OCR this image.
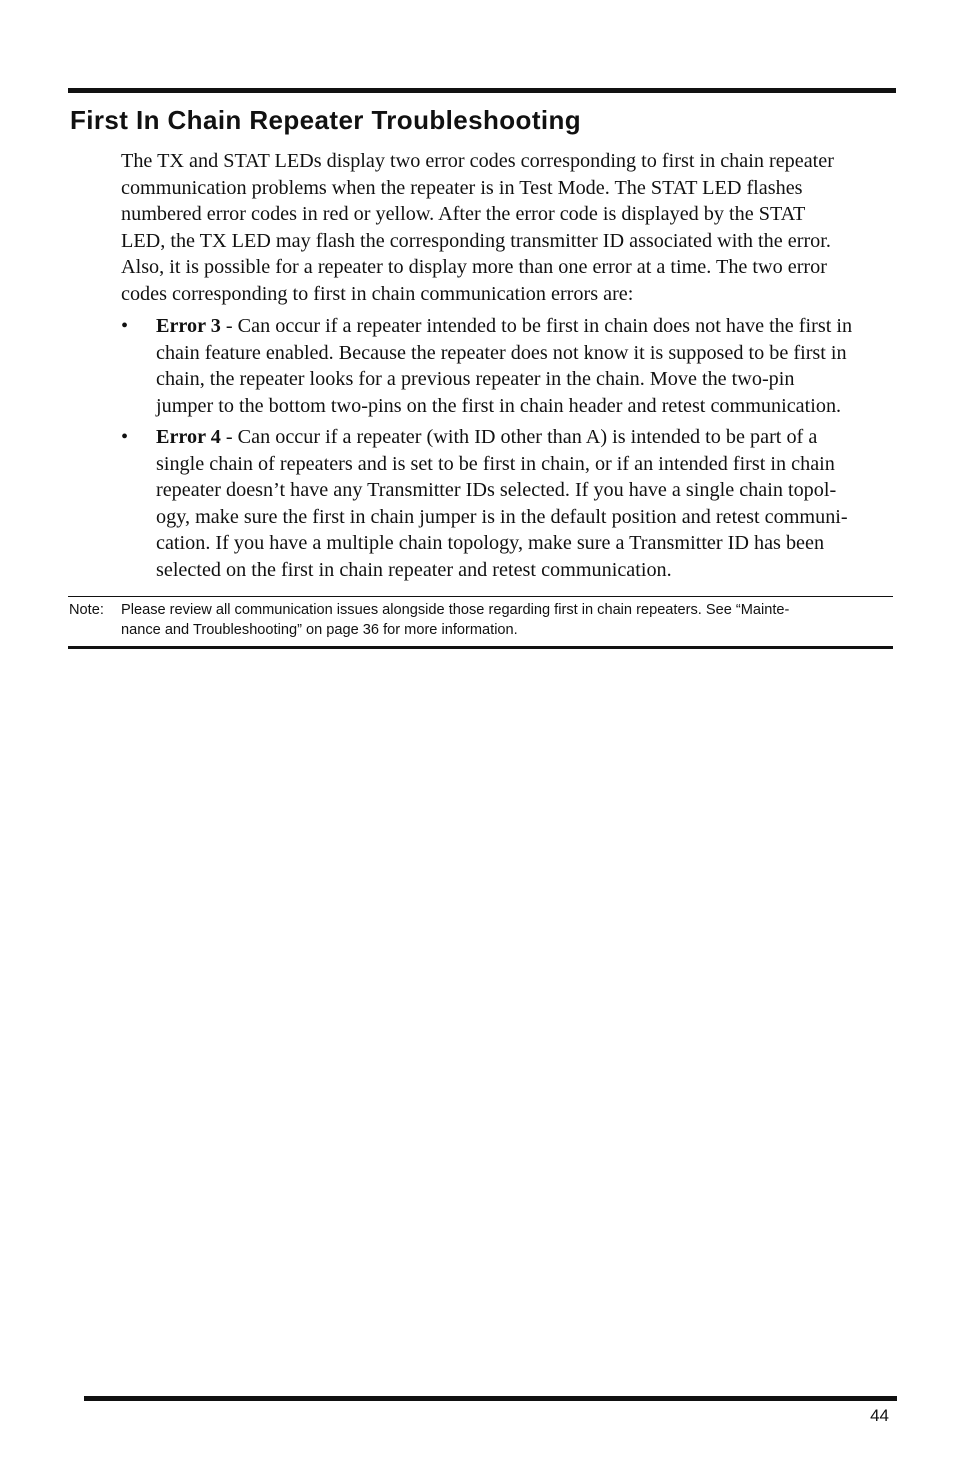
First In Chain Repeater Troubleshooting

The TX and STAT LEDs display two error codes corresponding to first in chain repeater
communication problems when the repeater is in Test Mode. The STAT LED flashes
numbered error codes in red or yellow. After the error code is displayed by the STAT
LED, the TX LED may flash the corresponding transmitter ID associated with the error.
Also, it is possible for a repeater to display more than one error at a time. The two error
codes corresponding to first in chain communication errors are:

• Error 3 - Can occur if a repeater intended to be first in chain does not have the first in
chain feature enabled. Because the repeater does not know it is supposed to be first in
chain, the repeater looks for a previous repeater in the chain. Move the two-pin
jumper to the bottom two-pins on the first in chain header and retest communication.
• Error 4 - Can occur if a repeater (with ID other than A) is intended to be part of a
single chain of repeaters and is set to be first in chain, or if an intended first in chain
repeater doesn’t have any Transmitter IDs selected. If you have a single chain topol-
ogy, make sure the first in chain jumper is in the default position and retest communi-
cation. If you have a multiple chain topology, make sure a Transmitter ID has been
selected on the first in chain repeater and retest communication.
Note: Please review all communication issues alongside those regarding first in chain repeaters. See “Mainte-
nance and Troubleshooting” on page 36 for more information.
44
